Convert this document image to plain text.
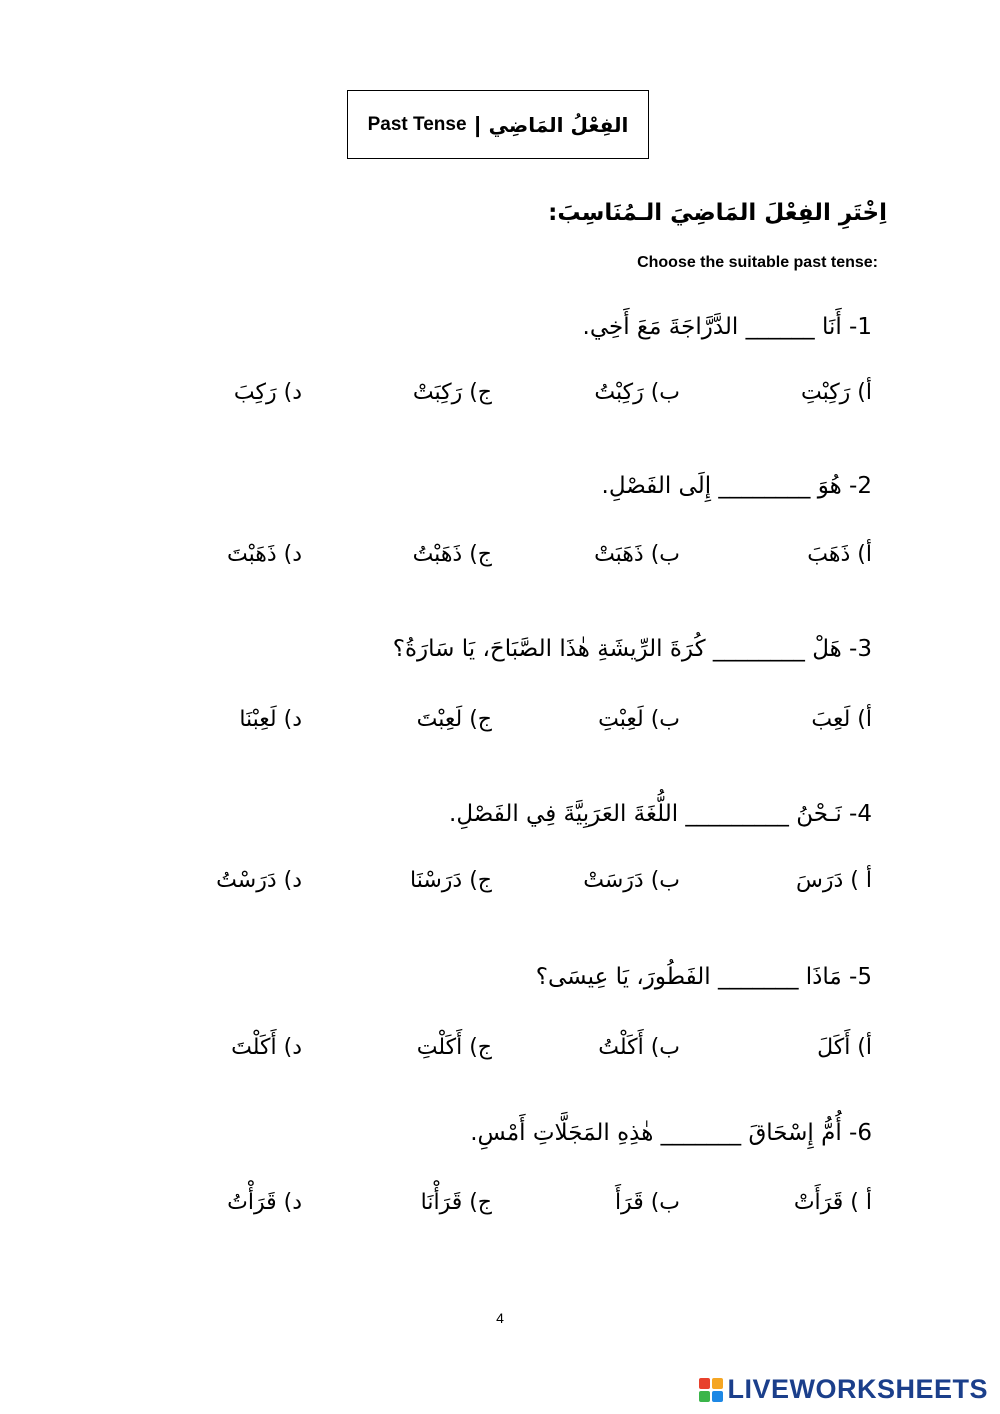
Past Tense | الفِعْلُ المَاضِي
اِخْتَرِ الفِعْلَ المَاضِيَ الـمُنَاسِبَ:
Choose the suitable past tense:
1- أَنَا ______ الدَّرَّاجَةَ مَعَ أَخِي.
أ) رَكِبْتِ
ب) رَكِبْتُ
ج) رَكِبَتْ
د) رَكِبَ
2- هُوَ ________ إِلَى الفَصْلِ.
أ) ذَهَبَ
ب) ذَهَبَتْ
ج) ذَهَبْتُ
د) ذَهَبْتَ
3- هَلْ ________ كُرَةَ الرِّيشَةِ هٰذَا الصَّبَاحَ، يَا سَارَةُ؟
أ) لَعِبَ
ب) لَعِبْتِ
ج) لَعِبْتَ
د) لَعِبْنَا
4- نَـحْنُ _________ اللُّغَةَ العَرَبِيَّةَ فِي الفَصْلِ.
أ ) دَرَسَ
ب) دَرَسَتْ
ج) دَرَسْنَا
د) دَرَسْتُ
5- مَاذَا _______ الفَطُورَ، يَا عِيسَى؟
أ) أَكَلَ
ب) أَكَلْتُ
ج) أَكَلْتِ
د) أَكَلْتَ
6- أُمُّ إِسْحَاقَ _______ هٰذِهِ المَجَلَّاتِ أَمْسِ.
أ ) قَرَأَتْ
ب) قَرَأَ
ج) قَرَأْنَا
د) قَرَأْتُ
4
LIVEWORKSHEETS
